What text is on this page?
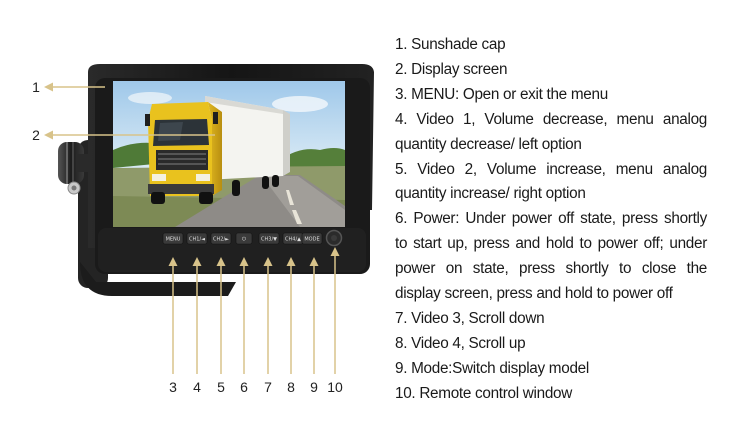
MENU CH1/◄ CH2/►	⏻	CH3/▼ CH4/▲ MODE
1
2
3 4 5 6 7 8 9 10

1. Sunshade cap

2. Display screen

3. MENU: Open or exit the menu

4. Video 1, Volume decrease, menu analog quantity decrease/ left option

5. Video 2, Volume increase, menu analog quantity increase/ right option

6. Power: Under power off state, press shortly to start up, press and hold to power off; under power on state, press shortly to close the display screen, press and hold to power off

7. Video 3, Scroll down

8. Video 4, Scroll up

9. Mode:Switch display model

10. Remote control window
